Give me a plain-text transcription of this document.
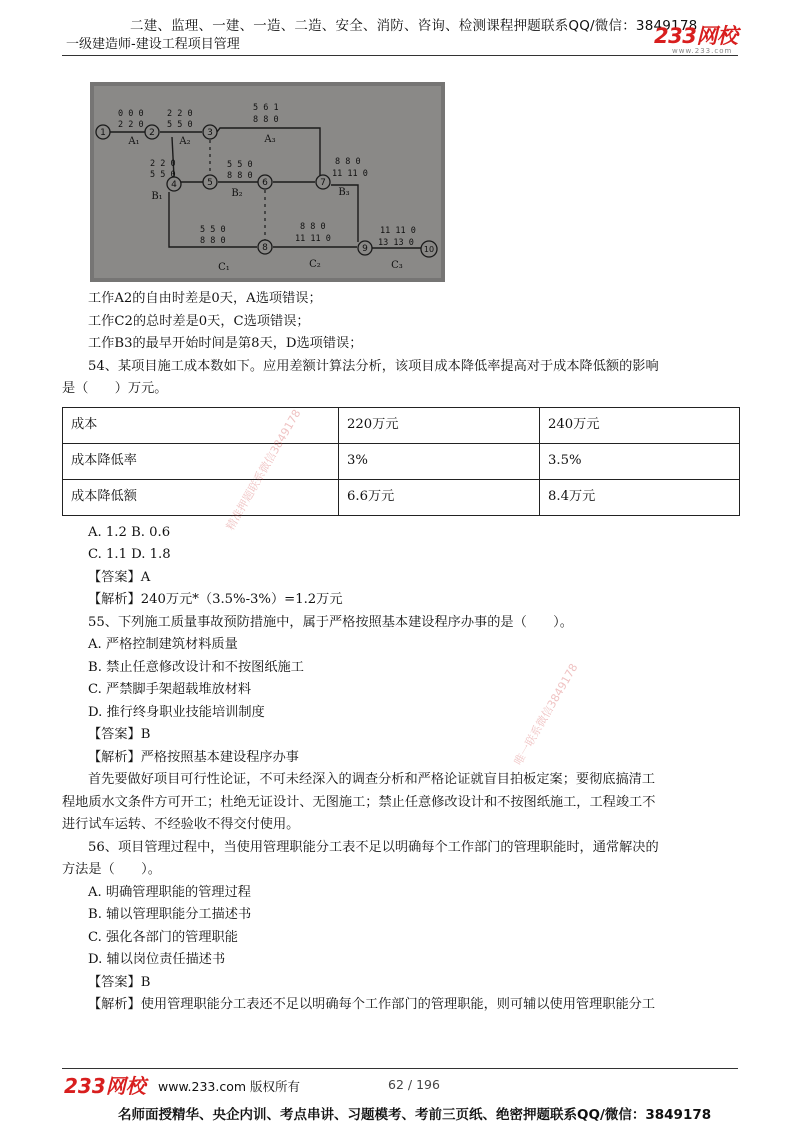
二建、监理、一建、一造、二造、安全、消防、咨询、检测课程押题联系QQ/微信：3849178
一级建造师-建设工程项目管理	233网校
www.233.com
1	2	3
4	5	6	7
8	9	10
A₁	A₂	A₃
B₁	B₂	B₃
C₁	C₂	C₃
0 0 0
2 2 0
2 2 0
5 5 0
5 6 1
8 8 0
2 2 0
5 5 0
5 5 0
8 8 0
8 8 0
11 11 0
5 5 0
8 8 0
8 8 0
11 11 0
11 11 0
13 13 0
工作A2的自由时差是0天，A选项错误；
工作C2的总时差是0天，C选项错误；
工作B3的最早开始时间是第8天，D选项错误；
54、某项目施工成本数如下。应用差额计算法分析，该项目成本降低率提高对于成本降低额的影响
是（　　）万元。
成本	220万元	240万元
成本降低率	3%	3.5%
成本降低额	6.6万元	8.4万元
A. 1.2 B. 0.6
C. 1.1 D. 1.8
【答案】A
【解析】240万元*（3.5%-3%）=1.2万元
55、下列施工质量事故预防措施中，属于严格按照基本建设程序办事的是（　　）。
A. 严格控制建筑材料质量
B. 禁止任意修改设计和不按图纸施工
C. 严禁脚手架超载堆放材料
D. 推行终身职业技能培训制度
【答案】B
【解析】严格按照基本建设程序办事
首先要做好项目可行性论证，不可未经深入的调查分析和严格论证就盲目拍板定案；要彻底搞清工
程地质水文条件方可开工；杜绝无证设计、无图施工；禁止任意修改设计和不按图纸施工，工程竣工不
进行试车运转、不经验收不得交付使用。
56、项目管理过程中，当使用管理职能分工表不足以明确每个工作部门的管理职能时，通常解决的
方法是（　　）。
A. 明确管理职能的管理过程
B. 辅以管理职能分工描述书
C. 强化各部门的管理职能
D. 辅以岗位责任描述书
【答案】B
【解析】使用管理职能分工表还不足以明确每个工作部门的管理职能，则可辅以使用管理职能分工
精准押题联系微信3849178
唯一联系微信3849178
233网校 www.233.com 版权所有	62 / 196
名师面授精华、央企内训、考点串讲、习题模考、考前三页纸、绝密押题联系QQ/微信：3849178
